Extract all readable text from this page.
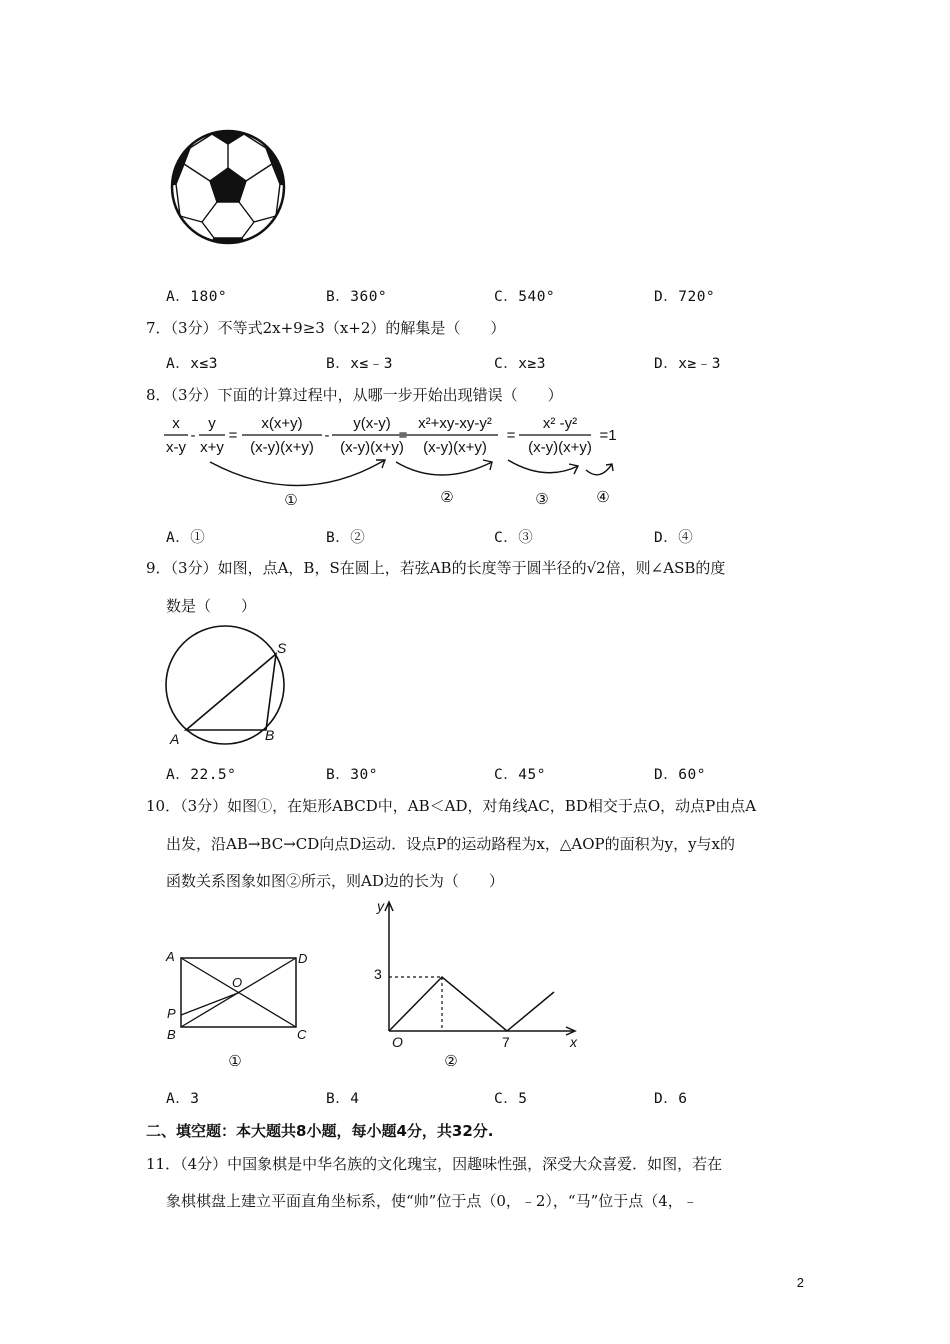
A．180°	B．360°	C．540°	D．720°
7．（3分）不等式2x+9≥3（x+2）的解集是（　　）
A．x≤3	B．x≤﹣3	C．x≥3	D．x≥﹣3
8．（3分）下面的计算过程中，从哪一步开始出现错误（　　）
x
x-y
-
y
x+y
=
x(x+y)
(x-y)(x+y)
-
y(x-y)
(x-y)(x+y)
=
x²+xy-xy-y²
(x-y)(x+y)
=
x² -y²
(x-y)(x+y)
=1
①	②	③	④
A．①	B．②	C．③	D．④
9．（3分）如图，点A，B，S在圆上，若弦AB的长度等于圆半径的√2倍，则∠ASB的度
数是（　　）
S
A	B
A．22.5°	B．30°	C．45°	D．60°
10．（3分）如图①，在矩形ABCD中，AB＜AD，对角线AC，BD相交于点O，动点P由点A
出发，沿AB→BC→CD向点D运动．设点P的运动路程为x，△AOP的面积为y，y与x的
函数关系图象如图②所示，则AD边的长为（　　）
A	D
O
P
B	C
①
y
x
O
3
7
②
A．3	B．4	C．5	D．6
二、填空题：本大题共8小题，每小题4分，共32分.
11．（4分）中国象棋是中华名族的文化瑰宝，因趣味性强，深受大众喜爱．如图，若在
象棋棋盘上建立平面直角坐标系，使“帅”位于点（0，﹣2），“马”位于点（4，﹣
2
